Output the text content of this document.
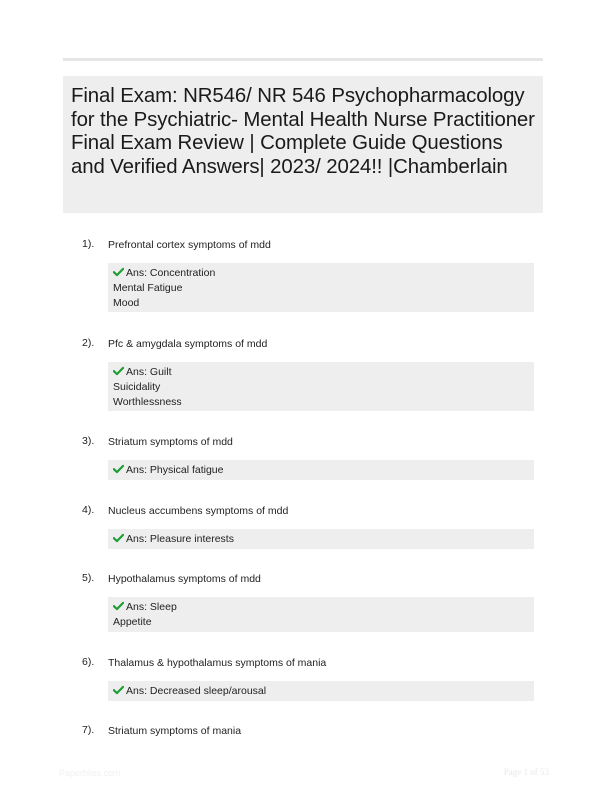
Final Exam: NR546/ NR 546 Psychopharmacology for the Psychiatric- Mental Health Nurse Practitioner Final Exam Review | Complete Guide Questions and Verified Answers| 2023/ 2024!! |Chamberlain
1). Prefrontal cortex symptoms of mdd
Ans: Concentration
Mental Fatigue
Mood
2). Pfc & amygdala symptoms of mdd
Ans: Guilt
Suicidality
Worthlessness
3). Striatum symptoms of mdd
Ans: Physical fatigue
4). Nucleus accumbens symptoms of mdd
Ans: Pleasure interests
5). Hypothalamus symptoms of mdd
Ans: Sleep
Appetite
6). Thalamus & hypothalamus symptoms of mania
Ans: Decreased sleep/arousal
7). Striatum symptoms of mania
Paperbliss.com	Page 1 of 53
